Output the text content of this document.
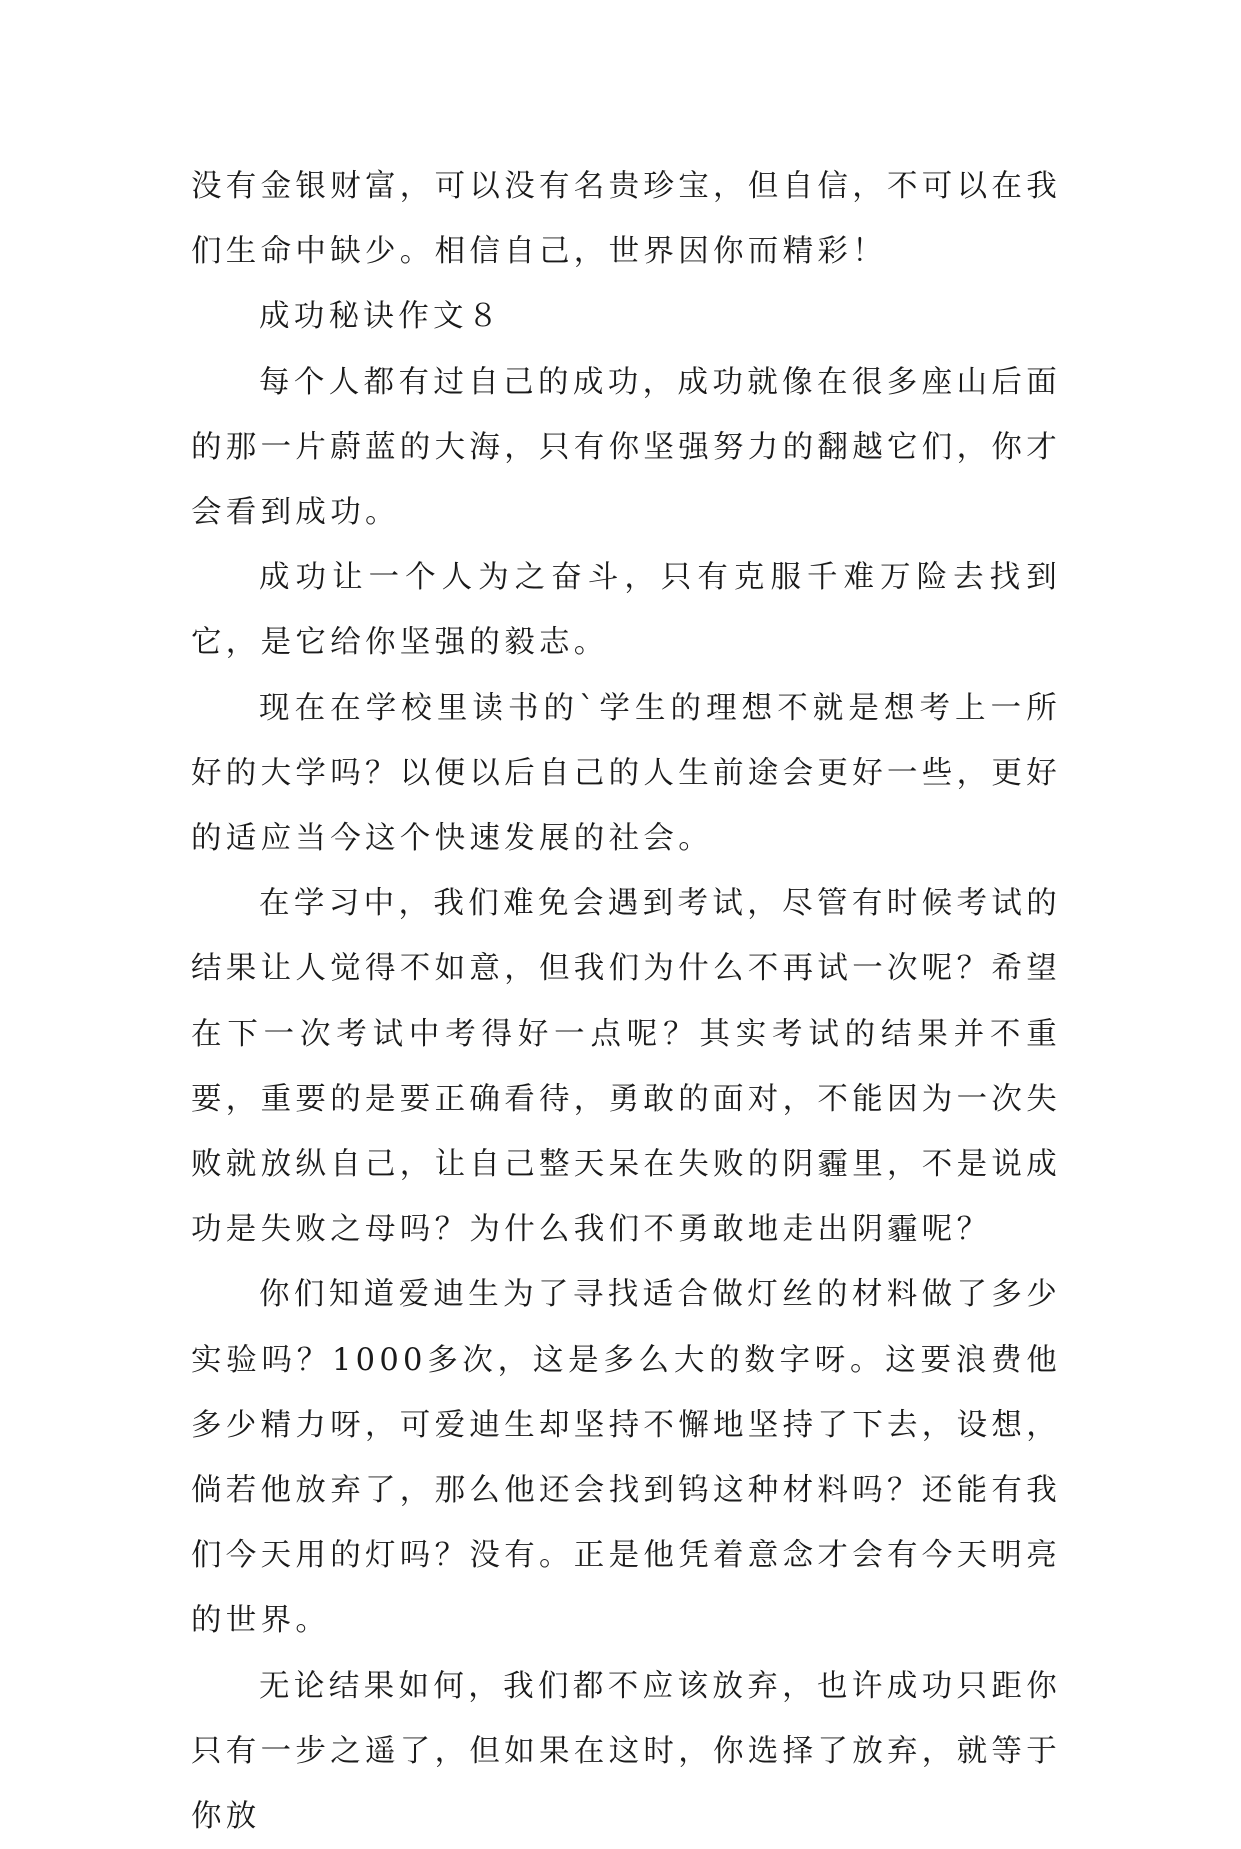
没有金银财富，可以没有名贵珍宝，但自信，不可以在我们生命中缺少。相信自己，世界因你而精彩！

成功秘诀作文８

每个人都有过自己的成功，成功就像在很多座山后面的那一片蔚蓝的大海，只有你坚强努力的翻越它们，你才会看到成功。

成功让一个人为之奋斗，只有克服千难万险去找到它，是它给你坚强的毅志。

现在在学校里读书的`学生的理想不就是想考上一所好的大学吗？以便以后自己的人生前途会更好一些，更好的适应当今这个快速发展的社会。

在学习中，我们难免会遇到考试，尽管有时候考试的结果让人觉得不如意，但我们为什么不再试一次呢？希望在下一次考试中考得好一点呢？其实考试的结果并不重要，重要的是要正确看待，勇敢的面对，不能因为一次失败就放纵自己，让自己整天呆在失败的阴霾里，不是说成功是失败之母吗？为什么我们不勇敢地走出阴霾呢？

你们知道爱迪生为了寻找适合做灯丝的材料做了多少实验吗？1000多次，这是多么大的数字呀。这要浪费他多少精力呀，可爱迪生却坚持不懈地坚持了下去，设想，倘若他放弃了，那么他还会找到钨这种材料吗？还能有我们今天用的灯吗？没有。正是他凭着意念才会有今天明亮的世界。

无论结果如何，我们都不应该放弃，也许成功只距你只有一步之遥了，但如果在这时，你选择了放弃，就等于你放
